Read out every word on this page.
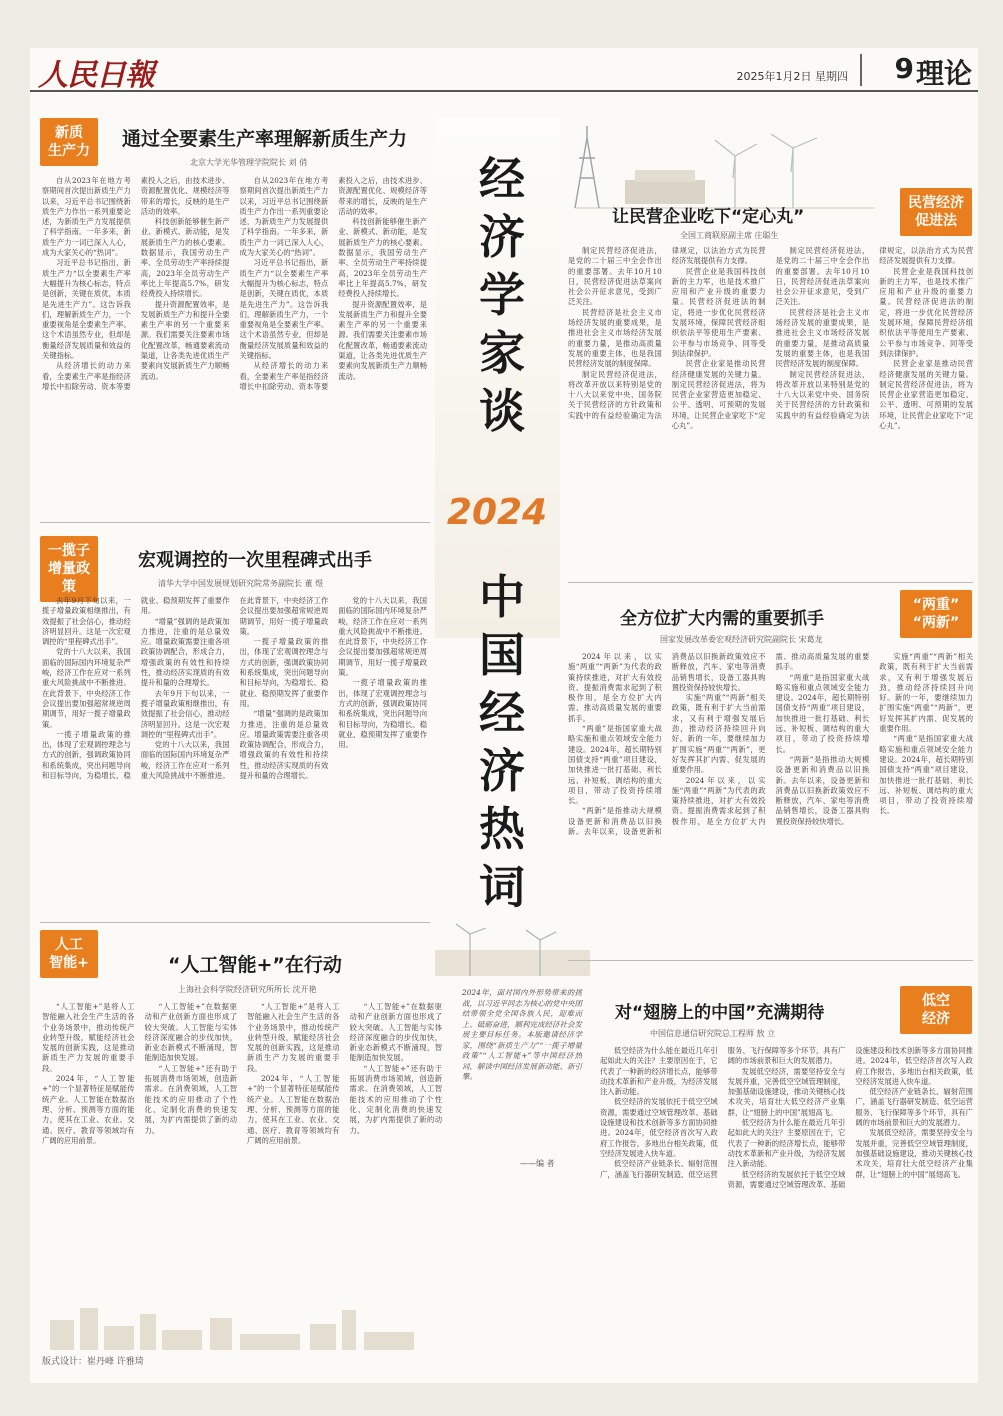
人民日報	2025年1月2日 星期四 9 理论
经
济
学
家
谈
2024
中
国
经
济
热
词
2024年，面对国内外形势带来的挑战，以习近平同志为核心的党中央团结带领全党全国各族人民，迎难而上、砥砺奋进，顺利完成经济社会发展主要目标任务。本版邀请经济学家，围绕“新质生产力”“一揽子增量政策”“人工智能+”等中国经济热词，解读中国经济发展新动能、新引擎。
——编 者
新质
生产力
通过全要素生产率理解新质生产力
北京大学光华管理学院院长 刘 俏

自从2023年在地方考察期间首次提出新质生产力以来，习近平总书记围绕新质生产力作出一系列重要论述，为新质生产力发展提供了科学指南。一年多来，新质生产力一词已深入人心，成为大家关心的“热词”。

习近平总书记指出，新质生产力“以全要素生产率大幅提升为核心标志，特点是创新，关键在质优，本质是先进生产力”。这告诉我们，理解新质生产力，一个重要视角是全要素生产率。这个术语虽然专业，但却是衡量经济发展质量和效益的关键指标。

从经济增长的动力来看，全要素生产率是指经济增长中扣除劳动、资本等要素投入之后，由技术进步、资源配置优化、规模经济等带来的增长，反映的是生产活动的效率。

科技创新能够催生新产业、新模式、新动能，是发展新质生产力的核心要素。数据显示，我国劳动生产率、全员劳动生产率持续提高，2023年全员劳动生产率比上年提高5.7%，研发经费投入持续增长。

提升资源配置效率，是发展新质生产力和提升全要素生产率的另一个重要来源。我们需要关注要素市场化配置改革，畅通要素流动渠道，让各类先进优质生产要素向发展新质生产力顺畅流动。

自从2023年在地方考察期间首次提出新质生产力以来，习近平总书记围绕新质生产力作出一系列重要论述，为新质生产力发展提供了科学指南。一年多来，新质生产力一词已深入人心，成为大家关心的“热词”。

习近平总书记指出，新质生产力“以全要素生产率大幅提升为核心标志，特点是创新，关键在质优，本质是先进生产力”。这告诉我们，理解新质生产力，一个重要视角是全要素生产率。这个术语虽然专业，但却是衡量经济发展质量和效益的关键指标。

从经济增长的动力来看，全要素生产率是指经济增长中扣除劳动、资本等要素投入之后，由技术进步、资源配置优化、规模经济等带来的增长，反映的是生产活动的效率。

科技创新能够催生新产业、新模式、新动能，是发展新质生产力的核心要素。数据显示，我国劳动生产率、全员劳动生产率持续提高，2023年全员劳动生产率比上年提高5.7%，研发经费投入持续增长。

提升资源配置效率，是发展新质生产力和提升全要素生产率的另一个重要来源。我们需要关注要素市场化配置改革，畅通要素流动渠道，让各类先进优质生产要素向发展新质生产力顺畅流动。

一揽子
增量政策
宏观调控的一次里程碑式出手
清华大学中国发展规划研究院常务副院长 董 煜

去年9月下旬以来，一揽子增量政策相继推出，有效提振了社会信心，推动经济明显回升。这是一次宏观调控的“里程碑式出手”。

党的十八大以来，我国面临的国际国内环境复杂严峻，经济工作在应对一系列重大风险挑战中不断推进。在此背景下，中央经济工作会议提出要加强超常规逆周期调节，用好一揽子增量政策。

一揽子增量政策的推出，体现了宏观调控理念与方式的创新，强调政策协同和系统集成，突出问题导向和目标导向，为稳增长、稳就业、稳预期发挥了重要作用。

“增量”强调的是政策加力推进，注重的是总量效应。增量政策需要注重各项政策协调配合，形成合力，增强政策的有效性和持续性，推动经济实现质的有效提升和量的合理增长。

去年9月下旬以来，一揽子增量政策相继推出，有效提振了社会信心，推动经济明显回升。这是一次宏观调控的“里程碑式出手”。

党的十八大以来，我国面临的国际国内环境复杂严峻，经济工作在应对一系列重大风险挑战中不断推进。在此背景下，中央经济工作会议提出要加强超常规逆周期调节，用好一揽子增量政策。

一揽子增量政策的推出，体现了宏观调控理念与方式的创新，强调政策协同和系统集成，突出问题导向和目标导向，为稳增长、稳就业、稳预期发挥了重要作用。

“增量”强调的是政策加力推进，注重的是总量效应。增量政策需要注重各项政策协调配合，形成合力，增强政策的有效性和持续性，推动经济实现质的有效提升和量的合理增长。

党的十八大以来，我国面临的国际国内环境复杂严峻，经济工作在应对一系列重大风险挑战中不断推进。在此背景下，中央经济工作会议提出要加强超常规逆周期调节，用好一揽子增量政策。

一揽子增量政策的推出，体现了宏观调控理念与方式的创新，强调政策协同和系统集成，突出问题导向和目标导向，为稳增长、稳就业、稳预期发挥了重要作用。

人工
智能+	“人工智能+”在行动
上海社会科学院经济研究所所长 沈开艳

“人工智能+”是将人工智能融入社会生产生活的各个业务场景中，推动传统产业转型升级，赋能经济社会发展的创新实践，这是推动新质生产力发展的重要手段。

2024年，“人工智能+”的一个显著特征是赋能传统产业。人工智能在数据治理、分析、预测等方面的能力，使其在工业、农业、交通、医疗、教育等领域均有广阔的应用前景。

“人工智能+”在数据驱动和产业创新方面也形成了较大突破。人工智能与实体经济深度融合的步伐加快，新业态新模式不断涌现，智能制造加快发展。

“人工智能+”还有助于拓展消费市场领域，创造新需求。在消费领域，人工智能技术的应用推动了个性化、定制化消费的快速发展，为扩内需提供了新的动力。

“人工智能+”是将人工智能融入社会生产生活的各个业务场景中，推动传统产业转型升级，赋能经济社会发展的创新实践，这是推动新质生产力发展的重要手段。

2024年，“人工智能+”的一个显著特征是赋能传统产业。人工智能在数据治理、分析、预测等方面的能力，使其在工业、农业、交通、医疗、教育等领域均有广阔的应用前景。

“人工智能+”在数据驱动和产业创新方面也形成了较大突破。人工智能与实体经济深度融合的步伐加快，新业态新模式不断涌现，智能制造加快发展。

“人工智能+”还有助于拓展消费市场领域，创造新需求。在消费领域，人工智能技术的应用推动了个性化、定制化消费的快速发展，为扩内需提供了新的动力。

民营经济
促进法
让民营企业吃下“定心丸”
全国工商联原副主席 庄聪生

制定民营经济促进法，是党的二十届三中全会作出的重要部署。去年10月10日，民营经济促进法草案向社会公开征求意见，受到广泛关注。

民营经济是社会主义市场经济发展的重要成果，是推进社会主义市场经济发展的重要力量，是推动高质量发展的重要主体，也是我国民营经济发展的制度保障。

制定民营经济促进法，将改革开放以来特别是党的十八大以来党中央、国务院关于民营经济的方针政策和实践中的有益经验确定为法律规定，以法治方式为民营经济发展提供有力支撑。

民营企业是我国科技创新的主力军，也是技术推广应用和产业升级的重要力量。民营经济促进法的制定，将进一步优化民营经济发展环境，保障民营经济组织依法平等使用生产要素、公平参与市场竞争、同等受到法律保护。

民营企业家是推动民营经济健康发展的关键力量。制定民营经济促进法，将为民营企业家营造更加稳定、公平、透明、可预期的发展环境，让民营企业家吃下“定心丸”。

制定民营经济促进法，是党的二十届三中全会作出的重要部署。去年10月10日，民营经济促进法草案向社会公开征求意见，受到广泛关注。

民营经济是社会主义市场经济发展的重要成果，是推进社会主义市场经济发展的重要力量，是推动高质量发展的重要主体，也是我国民营经济发展的制度保障。

制定民营经济促进法，将改革开放以来特别是党的十八大以来党中央、国务院关于民营经济的方针政策和实践中的有益经验确定为法律规定，以法治方式为民营经济发展提供有力支撑。

民营企业是我国科技创新的主力军，也是技术推广应用和产业升级的重要力量。民营经济促进法的制定，将进一步优化民营经济发展环境，保障民营经济组织依法平等使用生产要素、公平参与市场竞争、同等受到法律保护。

民营企业家是推动民营经济健康发展的关键力量。制定民营经济促进法，将为民营企业家营造更加稳定、公平、透明、可预期的发展环境，让民营企业家吃下“定心丸”。

“两重”
“两新”
全方位扩大内需的重要抓手
国家发展改革委宏观经济研究院副院长 宋葛龙

2024年以来，以实施“两重”“两新”为代表的政策持续推进，对扩大有效投资、提振消费需求起到了积极作用，是全方位扩大内需、推动高质量发展的重要抓手。

“两重”是指国家重大战略实施和重点领域安全能力建设。2024年，超长期特别国债支持“两重”项目建设，加快推进一批打基础、利长远、补短板、调结构的重大项目，带动了投资持续增长。

“两新”是指推动大规模设备更新和消费品以旧换新。去年以来，设备更新和消费品以旧换新政策效应不断释放，汽车、家电等消费品销售增长，设备工器具购置投资保持较快增长。

实施“两重”“两新”相关政策，既有利于扩大当前需求，又有利于增强发展后劲，推动经济持续回升向好。新的一年，要继续加力扩围实施“两重”“两新”，更好发挥其扩内需、促发展的重要作用。

2024年以来，以实施“两重”“两新”为代表的政策持续推进，对扩大有效投资、提振消费需求起到了积极作用，是全方位扩大内需、推动高质量发展的重要抓手。

“两重”是指国家重大战略实施和重点领域安全能力建设。2024年，超长期特别国债支持“两重”项目建设，加快推进一批打基础、利长远、补短板、调结构的重大项目，带动了投资持续增长。

“两新”是指推动大规模设备更新和消费品以旧换新。去年以来，设备更新和消费品以旧换新政策效应不断释放，汽车、家电等消费品销售增长，设备工器具购置投资保持较快增长。

实施“两重”“两新”相关政策，既有利于扩大当前需求，又有利于增强发展后劲，推动经济持续回升向好。新的一年，要继续加力扩围实施“两重”“两新”，更好发挥其扩内需、促发展的重要作用。

“两重”是指国家重大战略实施和重点领域安全能力建设。2024年，超长期特别国债支持“两重”项目建设，加快推进一批打基础、利长远、补短板、调结构的重大项目，带动了投资持续增长。

低空
经济
对“翅膀上的中国”充满期待
中国信息通信研究院总工程师 敖 立

低空经济为什么能在最近几年引起如此大的关注？主要原因在于，它代表了一种新的经济增长点，能够带动技术革新和产业升级，为经济发展注入新动能。

低空经济的发展依托于低空空域资源，需要通过空域管理改革、基础设施建设和技术创新等多方面协同推进。2024年，低空经济首次写入政府工作报告，多地出台相关政策，低空经济发展进入快车道。

低空经济产业链条长、辐射范围广，涵盖飞行器研发制造、低空运营服务、飞行保障等多个环节，具有广阔的市场前景和巨大的发展潜力。

发展低空经济，需要坚持安全与发展并重，完善低空空域管理制度，加强基础设施建设，推动关键核心技术攻关，培育壮大低空经济产业集群，让“翅膀上的中国”展翅高飞。

低空经济为什么能在最近几年引起如此大的关注？主要原因在于，它代表了一种新的经济增长点，能够带动技术革新和产业升级，为经济发展注入新动能。

低空经济的发展依托于低空空域资源，需要通过空域管理改革、基础设施建设和技术创新等多方面协同推进。2024年，低空经济首次写入政府工作报告，多地出台相关政策，低空经济发展进入快车道。

低空经济产业链条长、辐射范围广，涵盖飞行器研发制造、低空运营服务、飞行保障等多个环节，具有广阔的市场前景和巨大的发展潜力。

发展低空经济，需要坚持安全与发展并重，完善低空空域管理制度，加强基础设施建设，推动关键核心技术攻关，培育壮大低空经济产业集群，让“翅膀上的中国”展翅高飞。

版式设计：崔丹峰 许雅琦
